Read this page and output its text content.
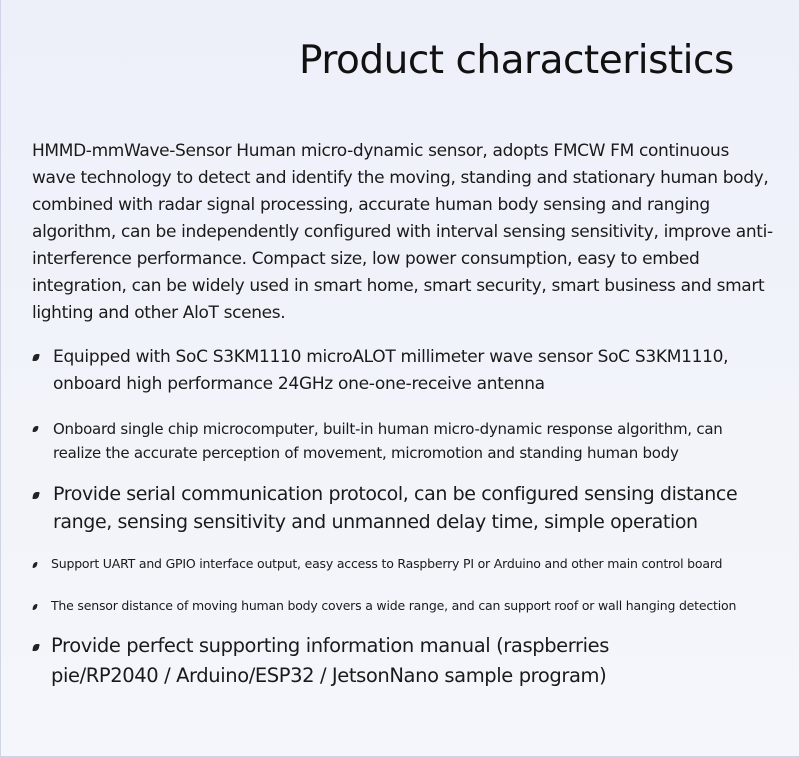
Product characteristics

HMMD-mmWave-Sensor Human micro-dynamic sensor, adopts FMCW FM continuous wave technology to detect and identify the moving, standing and stationary human body, combined with radar signal processing, accurate human body sensing and ranging algorithm, can be independently configured with interval sensing sensitivity, improve anti-interference performance. Compact size, low power consumption, easy to embed integration, can be widely used in smart home, smart security, smart business and smart lighting and other AloT scenes.

Equipped with SoC S3KM1110 microALOT millimeter wave sensor SoC S3KM1110, onboard high performance 24GHz one-one-receive antenna

Onboard single chip microcomputer, built-in human micro-dynamic response algorithm, can realize the accurate perception of movement, micromotion and standing human body

Provide serial communication protocol, can be configured sensing distance range, sensing sensitivity and unmanned delay time, simple operation

Support UART and GPIO interface output, easy access to Raspberry PI or Arduino and other main control board

The sensor distance of moving human body covers a wide range, and can support roof or wall hanging detection

Provide perfect supporting information manual (raspberries pie/RP2040 / Arduino/ESP32 / JetsonNano sample program)
